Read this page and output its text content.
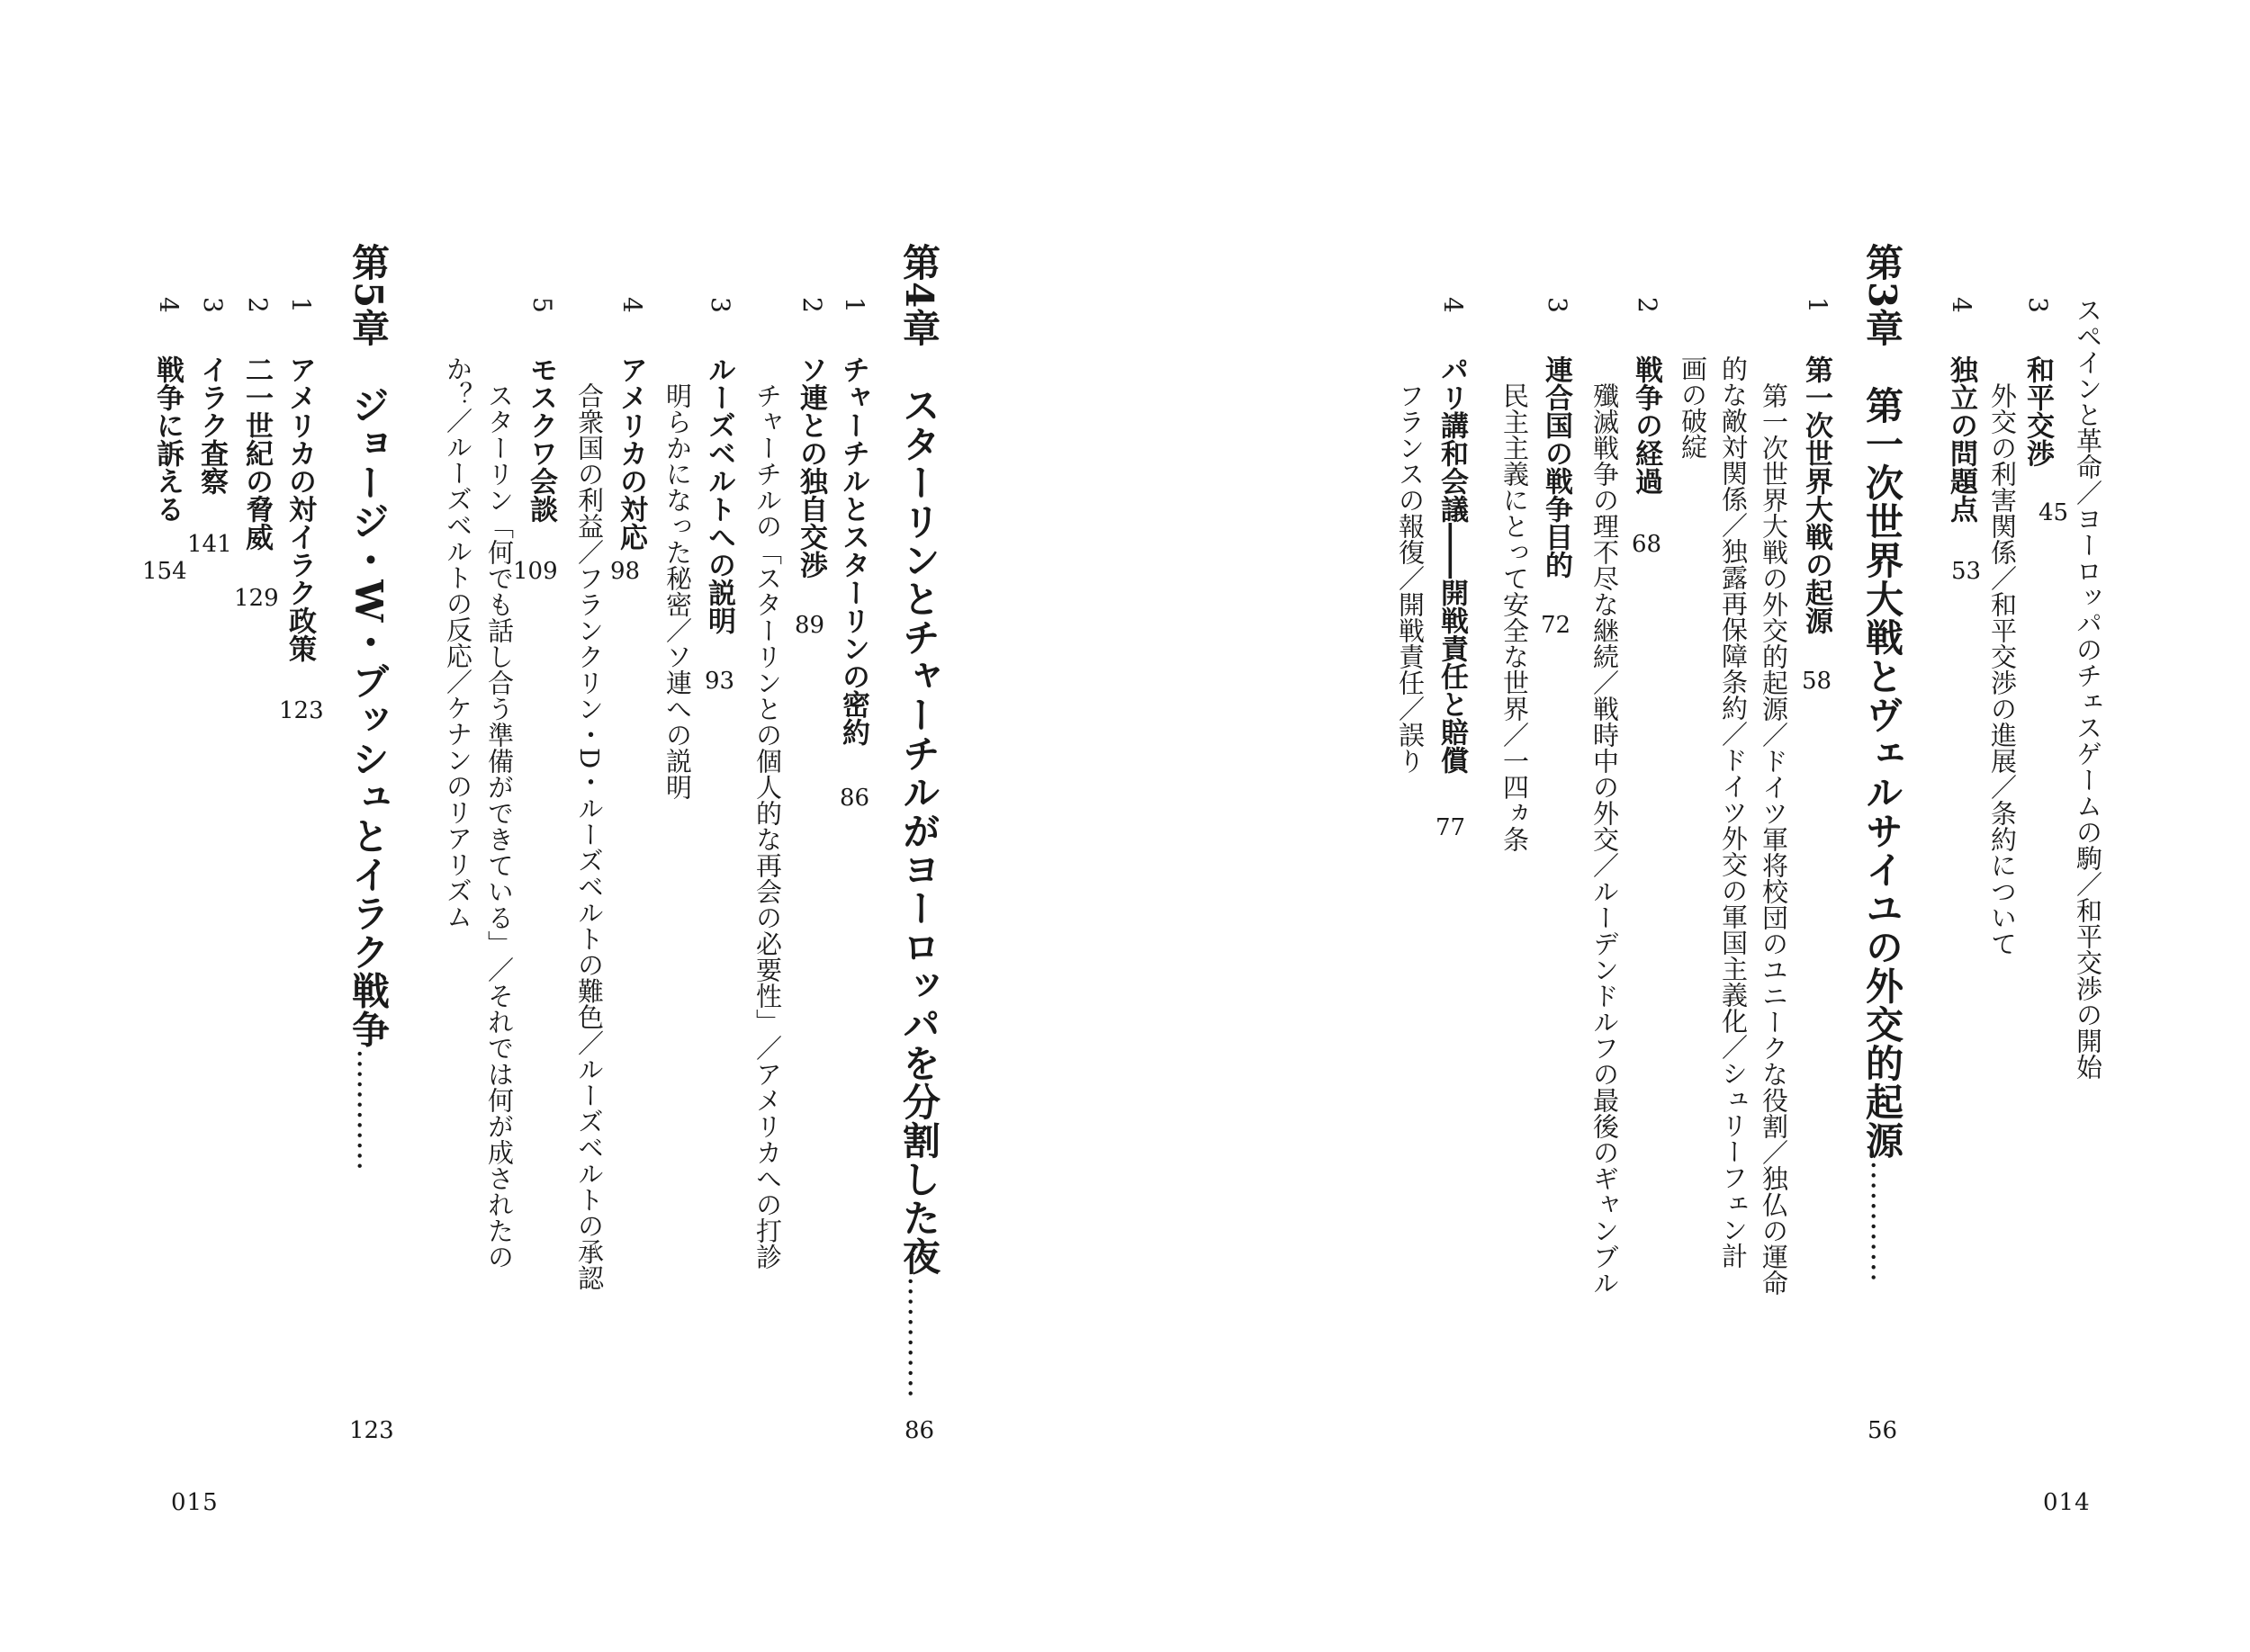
スペインと革命／ヨーロッパのチェスゲームの駒／和平交渉の開始
3
和平交渉
45
外交の利害関係／和平交渉の進展／条約について
4
独立の問題点
53
第3章　第一次世界大戦とヴェルサイユの外交的起源…………
56
1
第一次世界大戦の起源
58
第一次世界大戦の外交的起源／ドイツ軍将校団のユニークな役割／独仏の運命
的な敵対関係／独露再保障条約／ドイツ外交の軍国主義化／シュリーフェン計
画の破綻
2
戦争の経過
68
殲滅戦争の理不尽な継続／戦時中の外交／ルーデンドルフの最後のギャンブル
3
連合国の戦争目的
72
民主主義にとって安全な世界／一四ヵ条
4
パリ講和会議――開戦責任と賠償
77
フランスの報復／開戦責任／誤り
014
第4章　スターリンとチャーチルがヨーロッパを分割した夜…………
86
1
チャーチルとスターリンの密約
86
2
ソ連との独自交渉
89
チャーチルの「スターリンとの個人的な再会の必要性」／アメリカへの打診
3
ルーズベルトへの説明
93
明らかになった秘密／ソ連への説明
4
アメリカの対応
98
合衆国の利益／フランクリン・D・ルーズベルトの難色／ルーズベルトの承認
5
モスクワ会談
109
スターリン「何でも話し合う準備ができている」／それでは何が成されたの
か？／ルーズベルトの反応／ケナンのリアリズム
第5章　ジョージ・W・ブッシュとイラク戦争…………
123
1
アメリカの対イラク政策
123
2
二一世紀の脅威
129
3
イラク査察
141
4
戦争に訴える
154
015
